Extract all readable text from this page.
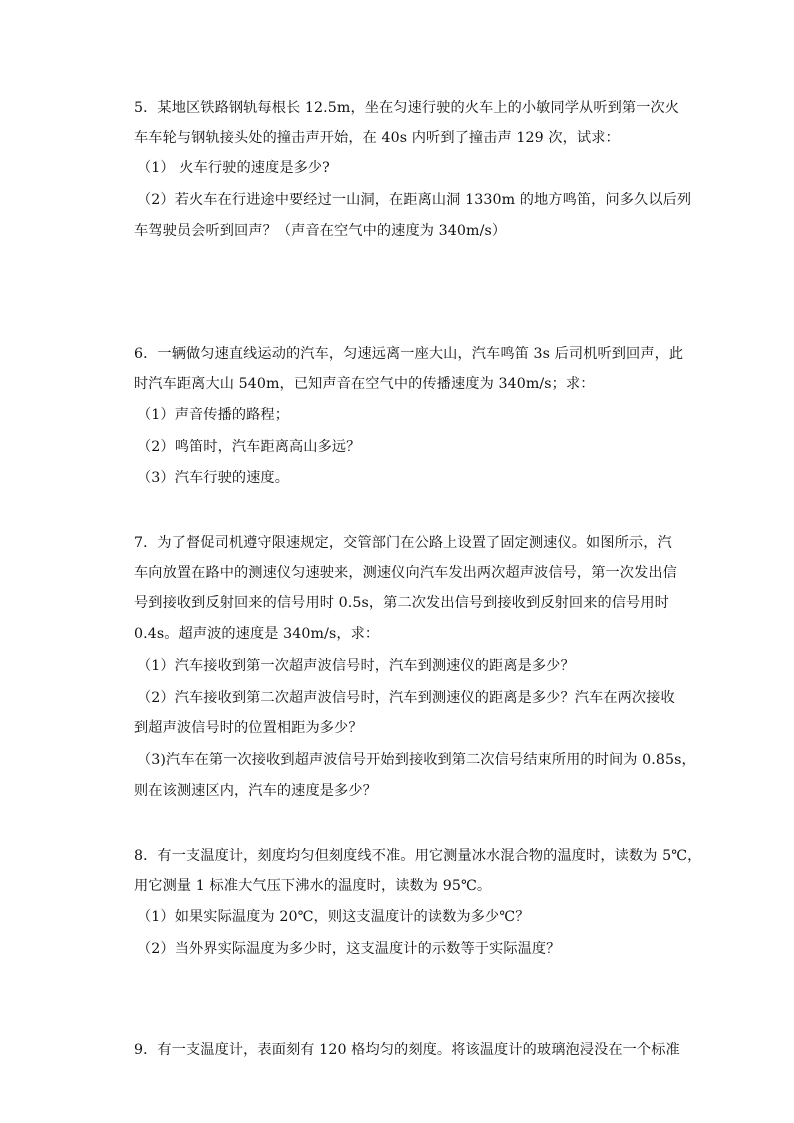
5．某地区铁路钢轨每根长 12.5m，坐在匀速行驶的火车上的小敏同学从听到第一次火
车车轮与钢轨接头处的撞击声开始，在 40s 内听到了撞击声 129 次，试求：
（1） 火车行驶的速度是多少?
（2）若火车在行进途中要经过一山洞，在距离山洞 1330m 的地方鸣笛，问多久以后列
车驾驶员会听到回声？（声音在空气中的速度为 340m/s）
6．一辆做匀速直线运动的汽车，匀速远离一座大山，汽车鸣笛 3s 后司机听到回声，此
时汽车距离大山 540m，已知声音在空气中的传播速度为 340m/s；求：
（1）声音传播的路程；
（2）鸣笛时，汽车距离高山多远？
（3）汽车行驶的速度。
7．为了督促司机遵守限速规定，交管部门在公路上设置了固定测速仪。如图所示，汽
车向放置在路中的测速仪匀速驶来，测速仪向汽车发出两次超声波信号，第一次发出信
号到接收到反射回来的信号用时 0.5s，第二次发出信号到接收到反射回来的信号用时
0.4s。超声波的速度是 340m/s，求：
（1）汽车接收到第一次超声波信号时，汽车到测速仪的距离是多少？
（2）汽车接收到第二次超声波信号时，汽车到测速仪的距离是多少？汽车在两次接收
到超声波信号时的位置相距为多少？
（3)汽车在第一次接收到超声波信号开始到接收到第二次信号结束所用的时间为 0.85s，
则在该测速区内，汽车的速度是多少？
8．有一支温度计，刻度均匀但刻度线不准。用它测量冰水混合物的温度时，读数为 5℃，
用它测量 1 标准大气压下沸水的温度时，读数为 95℃。
（1）如果实际温度为 20℃，则这支温度计的读数为多少℃？
（2）当外界实际温度为多少时，这支温度计的示数等于实际温度？
9．有一支温度计，表面刻有 120 格均匀的刻度。将该温度计的玻璃泡浸没在一个标准
